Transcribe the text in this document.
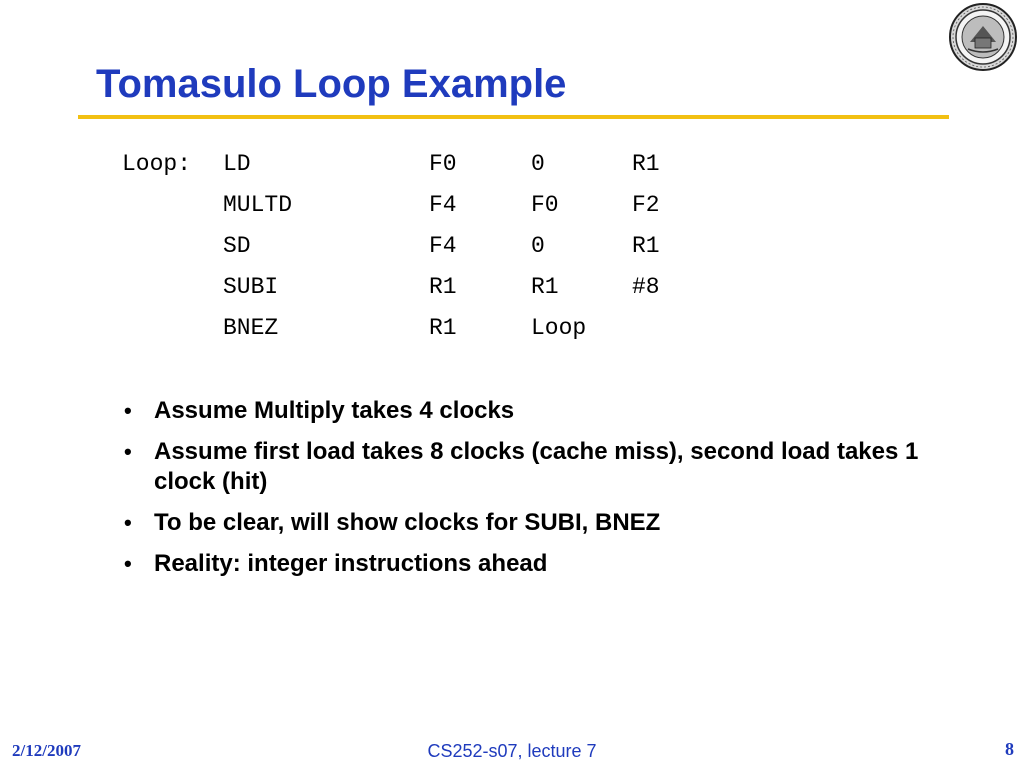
Tomasulo Loop Example
Loop: LD	F0	0	R1
MULTD	F4	F0	F2
SD	F4	0	R1
SUBI	R1	R1	#8
BNEZ	R1	Loop
• Assume Multiply takes 4 clocks
• Assume first load takes 8 clocks (cache miss), second load takes 1 clock (hit)
• To be clear, will show clocks for SUBI, BNEZ
• Reality: integer instructions ahead
2/12/2007	CS252-s07, lecture 7	8
